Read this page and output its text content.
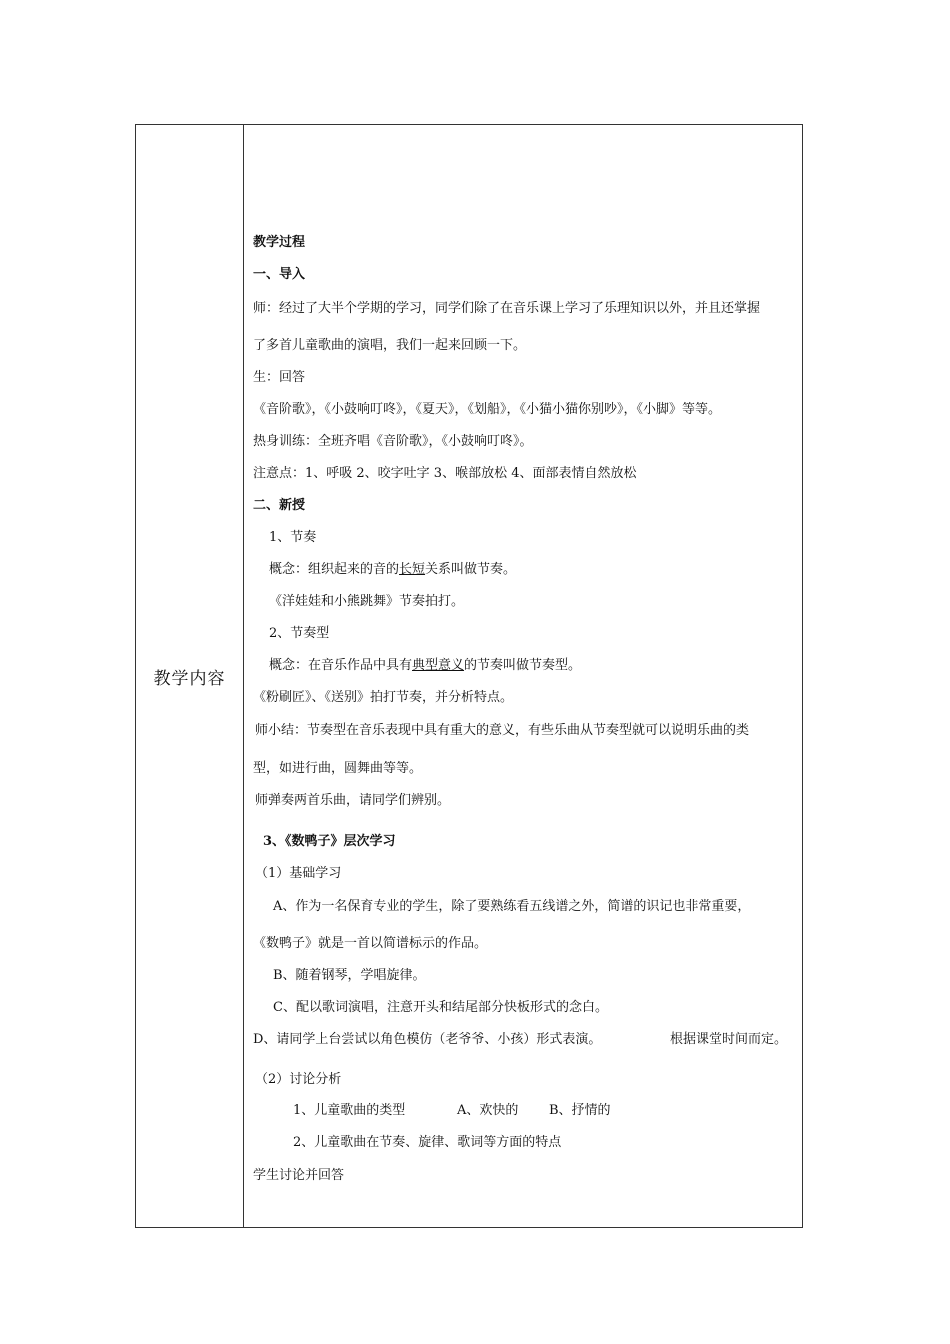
教学内容
教学过程
一、导入
师：经过了大半个学期的学习，同学们除了在音乐课上学习了乐理知识以外，并且还掌握
了多首儿童歌曲的演唱，我们一起来回顾一下。
生：回答
《音阶歌》，《小鼓响叮咚》，《夏天》，《划船》，《小猫小猫你别吵》，《小脚》等等。
热身训练：全班齐唱《音阶歌》，《小鼓响叮咚》。
注意点：1、呼吸 2、咬字吐字 3、喉部放松 4、面部表情自然放松
二、新授
1、节奏
概念：组织起来的音的长短关系叫做节奏。
《洋娃娃和小熊跳舞》节奏拍打。
2、节奏型
概念：在音乐作品中具有典型意义的节奏叫做节奏型。
《粉刷匠》、《送别》拍打节奏，并分析特点。
师小结：节奏型在音乐表现中具有重大的意义，有些乐曲从节奏型就可以说明乐曲的类
型，如进行曲，圆舞曲等等。
师弹奏两首乐曲，请同学们辨别。
3、《数鸭子》层次学习
（1）基础学习
A、作为一名保育专业的学生，除了要熟练看五线谱之外，简谱的识记也非常重要，
《数鸭子》就是一首以简谱标示的作品。
B、随着钢琴，学唱旋律。
C、配以歌词演唱，注意开头和结尾部分快板形式的念白。
D、请同学上台尝试以角色模仿（老爷爷、小孩）形式表演。	根据课堂时间而定。
（2）讨论分析
1、儿童歌曲的类型	A、欢快的 B、抒情的
2、儿童歌曲在节奏、旋律、歌词等方面的特点
学生讨论并回答
